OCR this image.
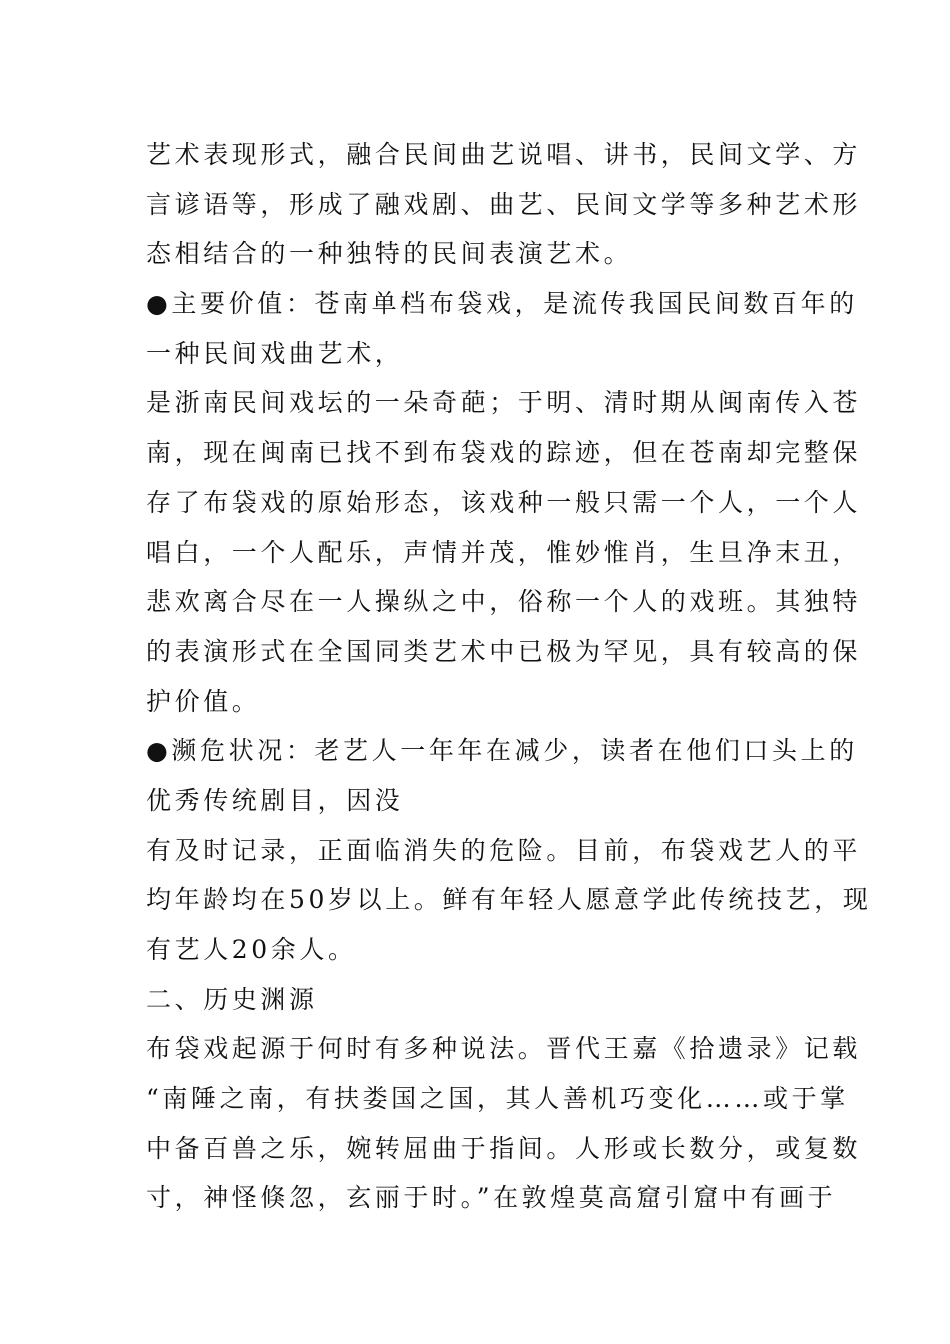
艺术表现形式，融合民间曲艺说唱、讲书，民间文学、方
言谚语等，形成了融戏剧、曲艺、民间文学等多种艺术形
态相结合的一种独特的民间表演艺术。
●主要价值：苍南单档布袋戏，是流传我国民间数百年的
一种民间戏曲艺术，
是浙南民间戏坛的一朵奇葩；于明、清时期从闽南传入苍
南，现在闽南已找不到布袋戏的踪迹，但在苍南却完整保
存了布袋戏的原始形态，该戏种一般只需一个人，一个人
唱白，一个人配乐，声情并茂，惟妙惟肖，生旦净末丑，
悲欢离合尽在一人操纵之中，俗称一个人的戏班。其独特
的表演形式在全国同类艺术中已极为罕见，具有较高的保
护价值。
●濒危状况：老艺人一年年在减少，读者在他们口头上的
优秀传统剧目，因没
有及时记录，正面临消失的危险。目前，布袋戏艺人的平
均年龄均在50岁以上。鲜有年轻人愿意学此传统技艺，现
有艺人20余人。
二、历史渊源
布袋戏起源于何时有多种说法。晋代王嘉《拾遗录》记载
“南陲之南，有扶娄国之国，其人善机巧变化……或于掌
中备百兽之乐，婉转屈曲于指间。人形或长数分，或复数
寸，神怪倏忽，玄丽于时。”在敦煌莫高窟引窟中有画于
